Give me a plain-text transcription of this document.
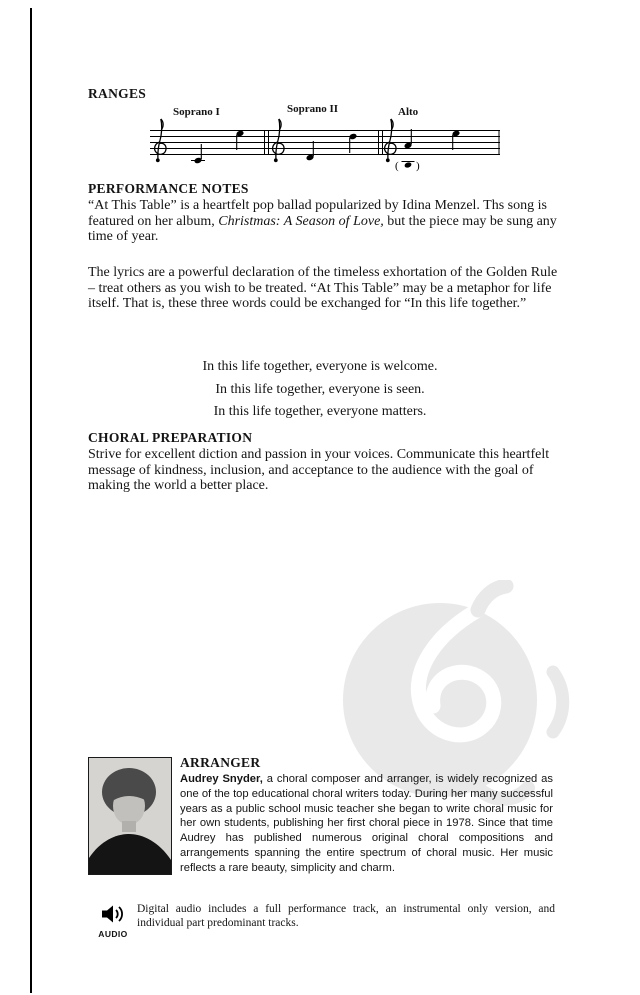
RANGES
Soprano I	Soprano II	Alto
( )
PERFORMANCE NOTES

“At This Table” is a heartfelt pop ballad popularized by Idina Menzel. Ths song is featured on her album, Christmas: A Season of Love, but the piece may be sung any time of year.

The lyrics are a powerful declaration of the timeless exhortation of the Golden Rule – treat others as you wish to be treated. “At This Table” may be a metaphor for life itself. That is, these three words could be exchanged for “In this life together.”

In this life together, everyone is welcome.
In this life together, everyone is seen.
In this life together, everyone matters.
CHORAL PREPARATION

Strive for excellent diction and passion in your voices. Communicate this heartfelt message of kindness, inclusion, and acceptance to the audience with the goal of making the world a better place.

ARRANGER

Audrey Snyder, a choral composer and arranger, is widely recognized as one of the top educational choral writers today. During her many successful years as a public school music teacher she began to write choral music for her own students, publishing her first choral piece in 1978. Since that time Audrey has published numerous original choral compositions and arrangements spanning the entire spectrum of choral music. Her music reflects a rare beauty, simplicity and charm.

AUDIO

Digital audio includes a full performance track, an instrumental only version, and individual part predominant tracks.
